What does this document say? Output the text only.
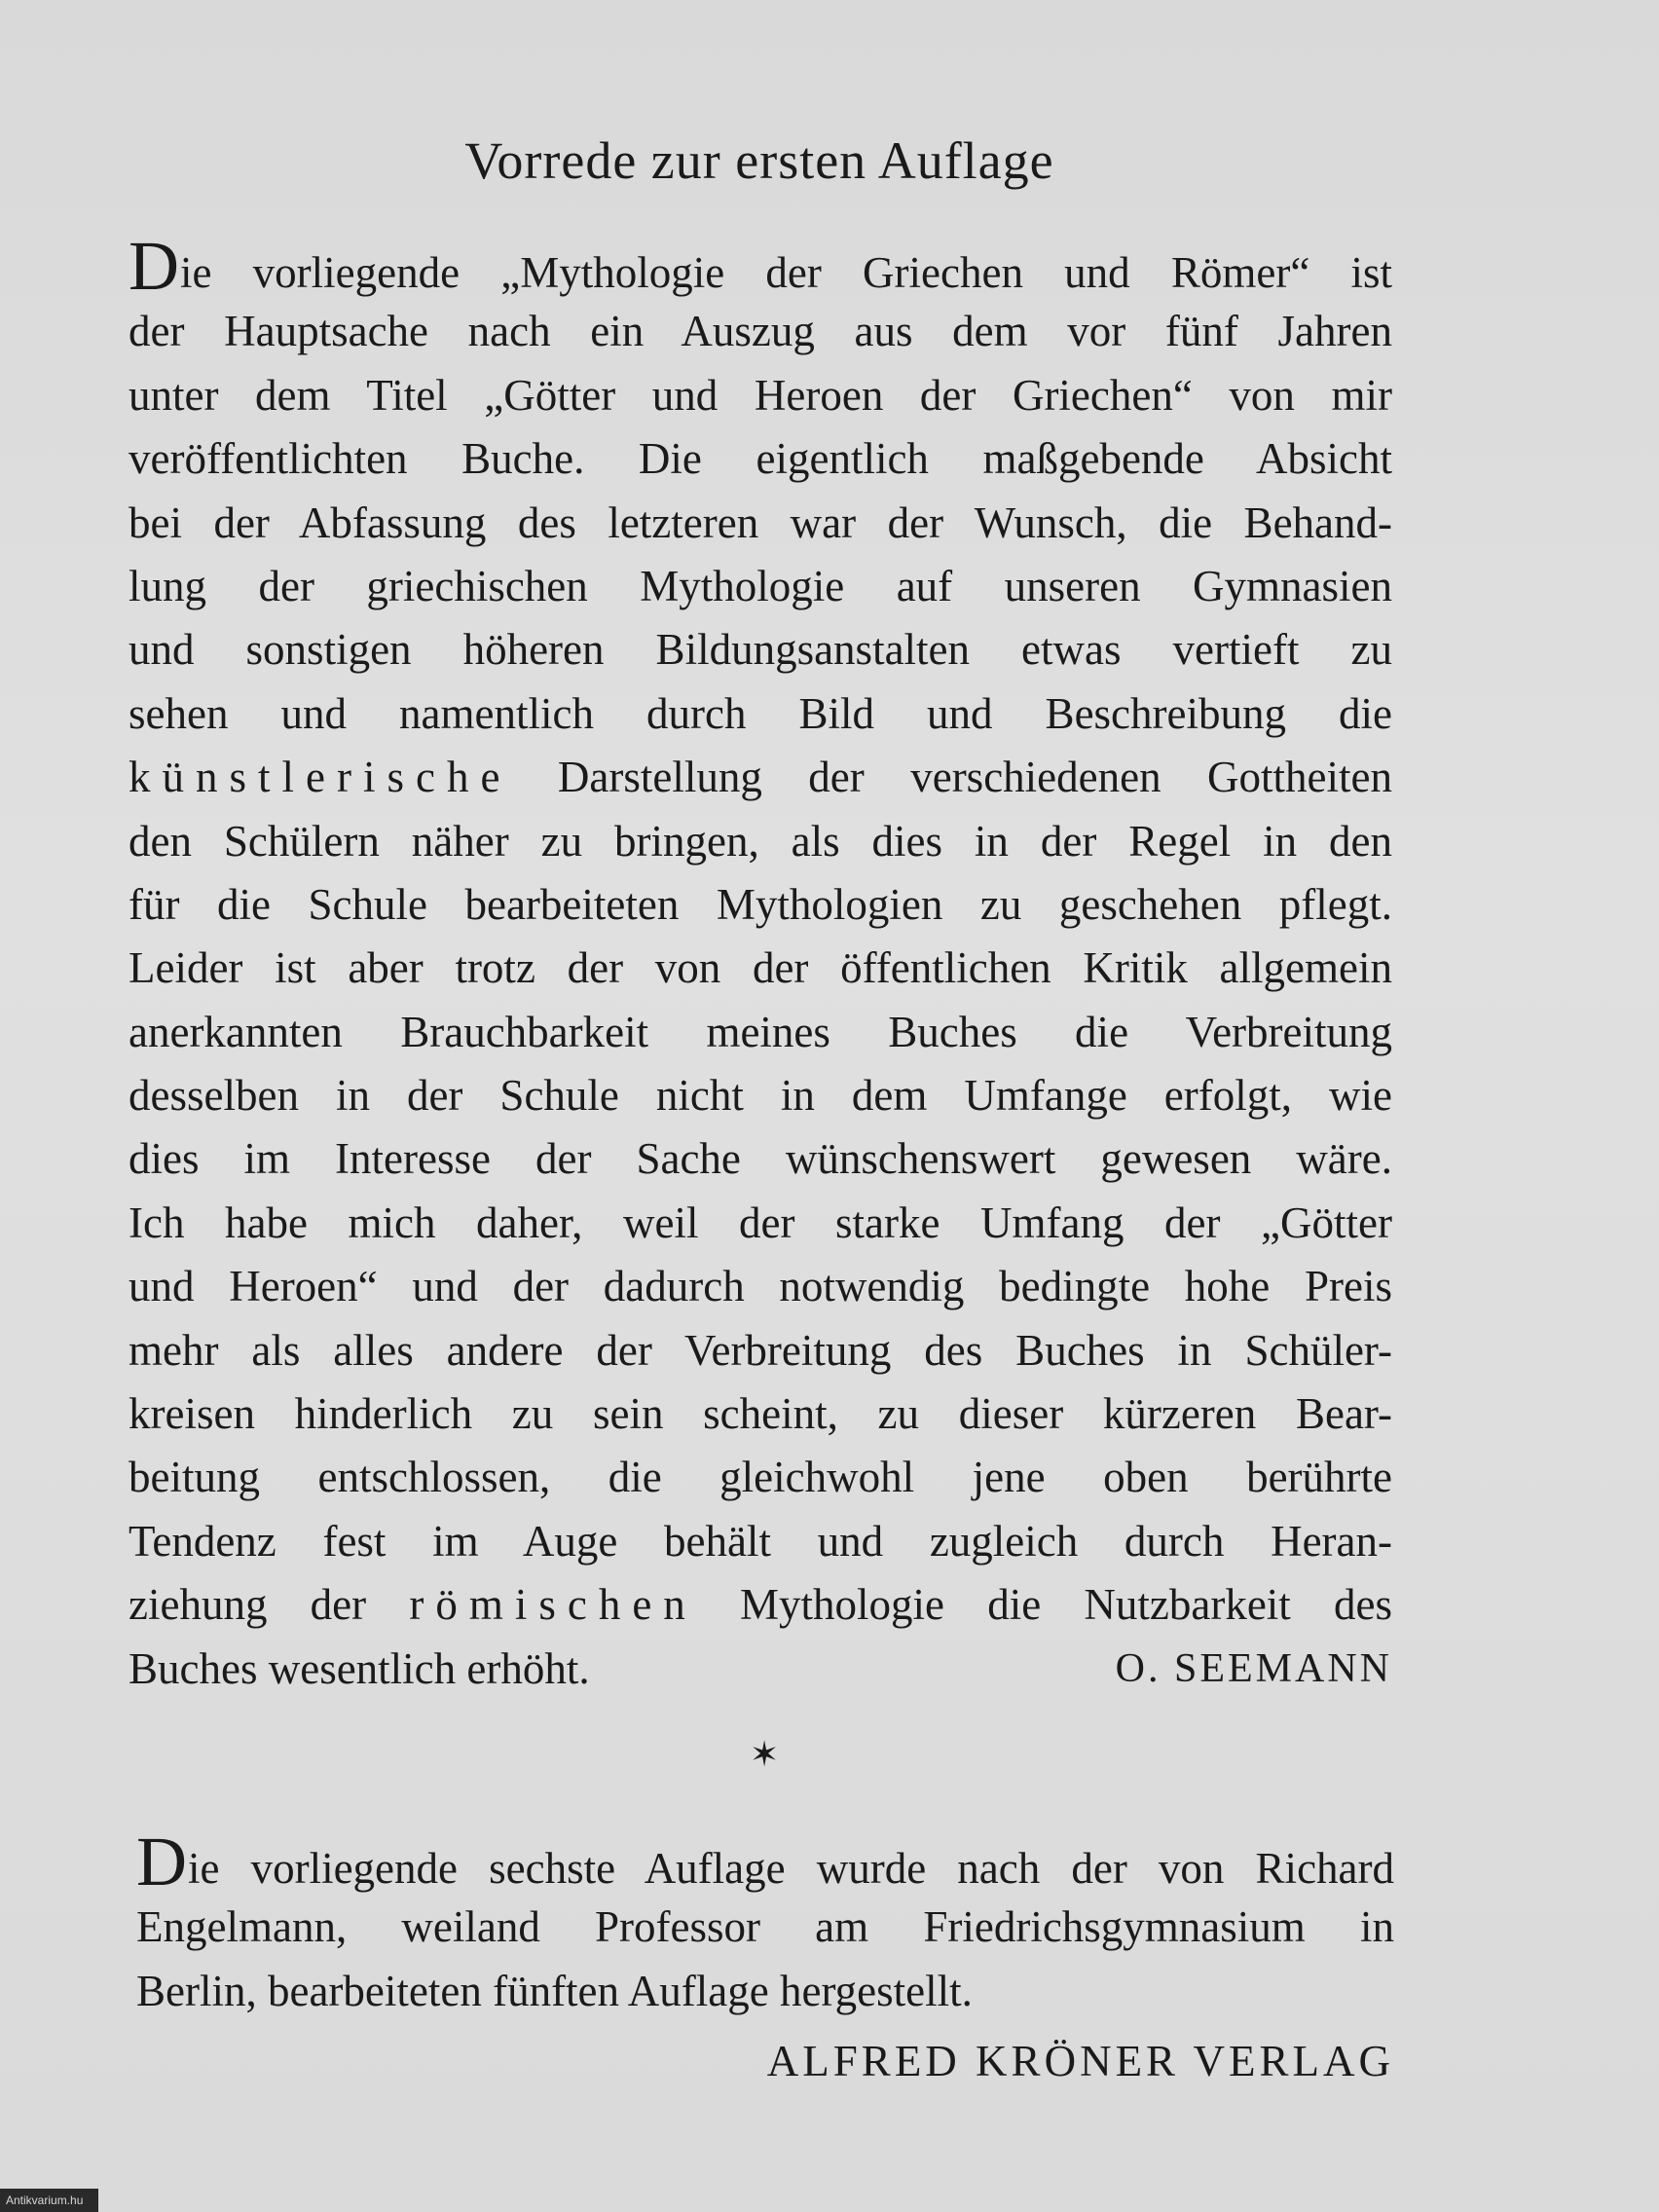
Vorrede zur ersten Auflage
Die vorliegende „Mythologie der Griechen und Römer“ ist
der Hauptsache nach ein Auszug aus dem vor fünf Jahren
unter dem Titel „Götter und Heroen der Griechen“ von mir
veröffentlichten Buche. Die eigentlich maßgebende Absicht
bei der Abfassung des letzteren war der Wunsch, die Behand-
lung der griechischen Mythologie auf unseren Gymnasien
und sonstigen höheren Bildungsanstalten etwas vertieft zu
sehen und namentlich durch Bild und Beschreibung die
künstlerische Darstellung der verschiedenen Gottheiten
den Schülern näher zu bringen, als dies in der Regel in den
für die Schule bearbeiteten Mythologien zu geschehen pflegt.
Leider ist aber trotz der von der öffentlichen Kritik allgemein
anerkannten Brauchbarkeit meines Buches die Verbreitung
desselben in der Schule nicht in dem Umfange erfolgt, wie
dies im Interesse der Sache wünschenswert gewesen wäre.
Ich habe mich daher, weil der starke Umfang der „Götter
und Heroen“ und der dadurch notwendig bedingte hohe Preis
mehr als alles andere der Verbreitung des Buches in Schüler-
kreisen hinderlich zu sein scheint, zu dieser kürzeren Bear-
beitung entschlossen, die gleichwohl jene oben berührte
Tendenz fest im Auge behält und zugleich durch Heran-
ziehung der römischen Mythologie die Nutzbarkeit des
Buches wesentlich erhöht.	O. SEEMANN
✶
Die vorliegende sechste Auflage wurde nach der von Richard
Engelmann, weiland Professor am Friedrichsgymnasium in
Berlin, bearbeiteten fünften Auflage hergestellt.
ALFRED KRÖNER VERLAG
Antikvarium.hu
